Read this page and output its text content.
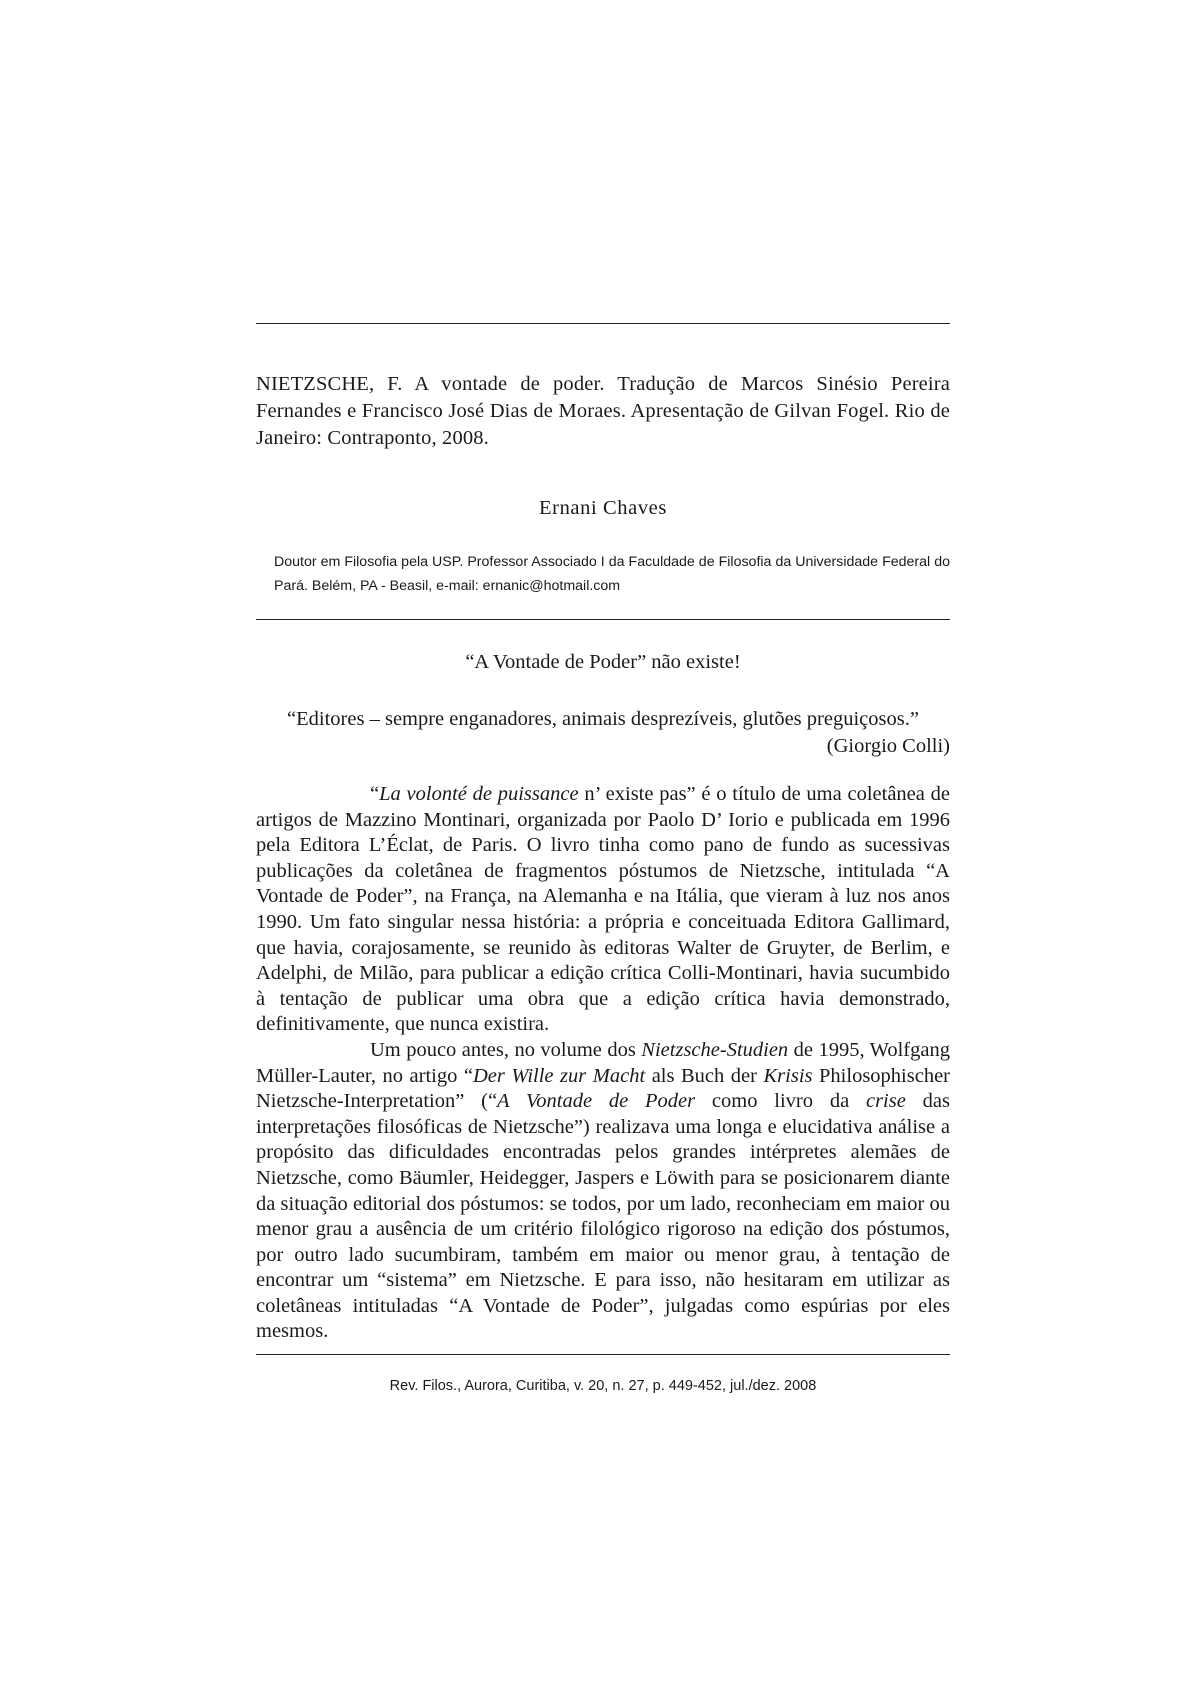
NIETZSCHE, F. A vontade de poder. Tradução de Marcos Sinésio Pereira Fernandes e Francisco José Dias de Moraes. Apresentação de Gilvan Fogel. Rio de Janeiro: Contraponto, 2008.
Ernani Chaves
Doutor em Filosofia pela USP. Professor Associado I da Faculdade de Filosofia da Universidade Federal do Pará. Belém, PA - Beasil, e-mail: ernanic@hotmail.com
“A Vontade de Poder” não existe!
“Editores – sempre enganadores, animais desprezíveis, glutões preguiçosos.”
(Giorgio Colli)

“La volonté de puissance n’ existe pas” é o título de uma coletânea de artigos de Mazzino Montinari, organizada por Paolo D’ Iorio e publicada em 1996 pela Editora L’Éclat, de Paris. O livro tinha como pano de fundo as sucessivas publicações da coletânea de fragmentos póstumos de Nietzsche, intitulada “A Vontade de Poder”, na França, na Alemanha e na Itália, que vieram à luz nos anos 1990. Um fato singular nessa história: a própria e conceituada Editora Gallimard, que havia, corajosamente, se reunido às editoras Walter de Gruyter, de Berlim, e Adelphi, de Milão, para publicar a edição crítica Colli-Montinari, havia sucumbido à tentação de publicar uma obra que a edição crítica havia demonstrado, definitivamente, que nunca existira.

Um pouco antes, no volume dos Nietzsche-Studien de 1995, Wolfgang Müller-Lauter, no artigo “Der Wille zur Macht als Buch der Krisis Philosophischer Nietzsche-Interpretation” (“A Vontade de Poder como livro da crise das interpretações filosóficas de Nietzsche”) realizava uma longa e elucidativa análise a propósito das dificuldades encontradas pelos grandes intérpretes alemães de Nietzsche, como Bäumler, Heidegger, Jaspers e Löwith para se posicionarem diante da situação editorial dos póstumos: se todos, por um lado, reconheciam em maior ou menor grau a ausência de um critério filológico rigoroso na edição dos póstumos, por outro lado sucumbiram, também em maior ou menor grau, à tentação de encontrar um “sistema” em Nietzsche. E para isso, não hesitaram em utilizar as coletâneas intituladas “A Vontade de Poder”, julgadas como espúrias por eles mesmos.

Rev. Filos., Aurora, Curitiba, v. 20, n. 27, p. 449-452, jul./dez. 2008
